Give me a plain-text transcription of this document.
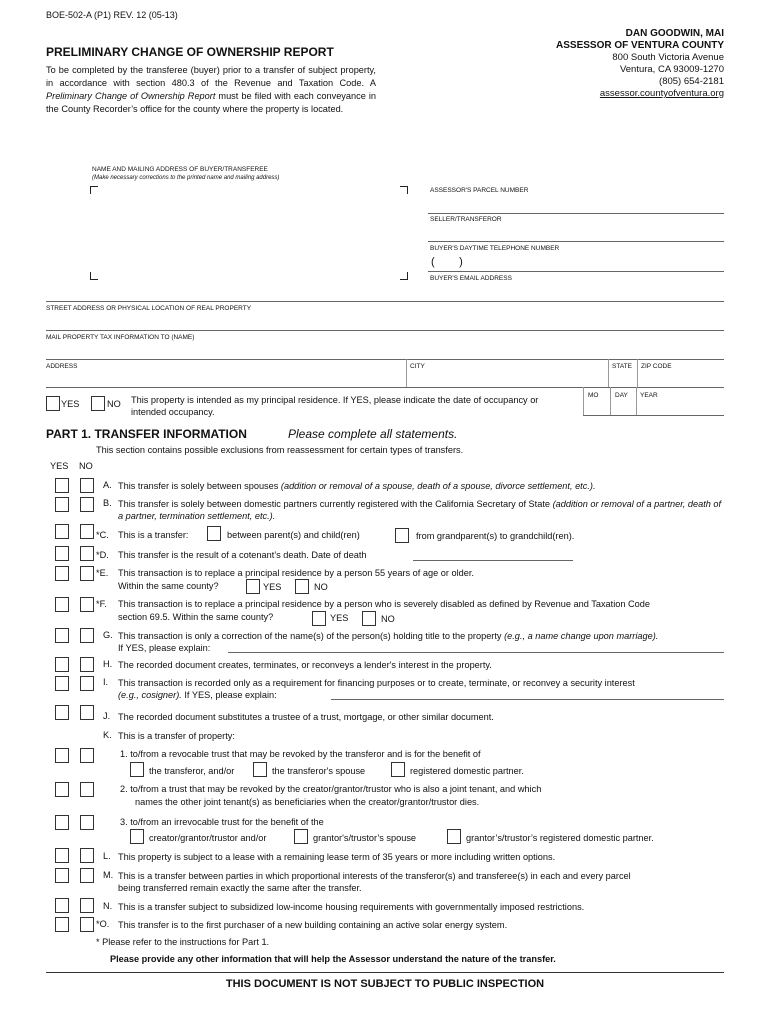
BOE-502-A (P1) REV. 12 (05-13)
PRELIMINARY CHANGE OF OWNERSHIP REPORT
To be completed by the transferee (buyer) prior to a transfer of subject property, in accordance with section 480.3 of the Revenue and Taxation Code. A Preliminary Change of Ownership Report must be filed with each conveyance in the County Recorder’s office for the county where the property is located.
DAN GOODWIN, MAI
ASSESSOR OF VENTURA COUNTY
800 South Victoria Avenue
Ventura, CA 93009-1270
(805) 654-2181
assessor.countyofventura.org
NAME AND MAILING ADDRESS OF BUYER/TRANSFEREE
(Make necessary corrections to the printed name and mailing address)
ASSESSOR'S PARCEL NUMBER
SELLER/TRANSFEROR
BUYER'S DAYTIME TELEPHONE NUMBER
(        )
BUYER'S EMAIL ADDRESS
STREET ADDRESS OR PHYSICAL LOCATION OF REAL PROPERTY
MAIL PROPERTY TAX INFORMATION TO (NAME)
ADDRESS	CITY	STATE ZIP CODE
YES	NO This property is intended as my principal residence. If YES, please indicate the date of occupancy or intended occupancy.
MO	DAY YEAR
PART 1. TRANSFER INFORMATION	Please complete all statements.
This section contains possible exclusions from reassessment for certain types of transfers.
YES NO
A. This transfer is solely between spouses (addition or removal of a spouse, death of a spouse, divorce settlement, etc.).
B. This transfer is solely between domestic partners currently registered with the California Secretary of State (addition or removal of a partner, death of a partner, termination settlement, etc.).
*C. This is a transfer:	between parent(s) and child(ren)	from grandparent(s) to grandchild(ren).
*D. This transfer is the result of a cotenant’s death. Date of death
*E. This transaction is to replace a principal residence by a person 55 years of age or older.
Within the same county?	YES	NO
*F. This transaction is to replace a principal residence by a person who is severely disabled as defined by Revenue and Taxation Code
section 69.5. Within the same county?	YES	NO
G. This transaction is only a correction of the name(s) of the person(s) holding title to the property (e.g., a name change upon marriage).
If YES, please explain:
H. The recorded document creates, terminates, or reconveys a lender's interest in the property.
I. This transaction is recorded only as a requirement for financing purposes or to create, terminate, or reconvey a security interest
(e.g., cosigner). If YES, please explain:
J. The recorded document substitutes a trustee of a trust, mortgage, or other similar document.
K. This is a transfer of property:
1. to/from a revocable trust that may be revoked by the transferor and is for the benefit of
the transferor, and/or	the transferor's spouse	registered domestic partner.
2. to/from a trust that may be revoked by the creator/grantor/trustor who is also a joint tenant, and which
names the other joint tenant(s) as beneficiaries when the creator/grantor/trustor dies.
3. to/from an irrevocable trust for the benefit of the
creator/grantor/trustor and/or	grantor's/trustor’s spouse	grantor’s/trustor’s registered domestic partner.
L. This property is subject to a lease with a remaining lease term of 35 years or more including written options.
M. This is a transfer between parties in which proportional interests of the transferor(s) and transferee(s) in each and every parcel
being transferred remain exactly the same after the transfer.
N. This is a transfer subject to subsidized low-income housing requirements with governmentally imposed restrictions.
*O. This transfer is to the first purchaser of a new building containing an active solar energy system.
* Please refer to the instructions for Part 1.
Please provide any other information that will help the Assessor understand the nature of the transfer.
THIS DOCUMENT IS NOT SUBJECT TO PUBLIC INSPECTION
